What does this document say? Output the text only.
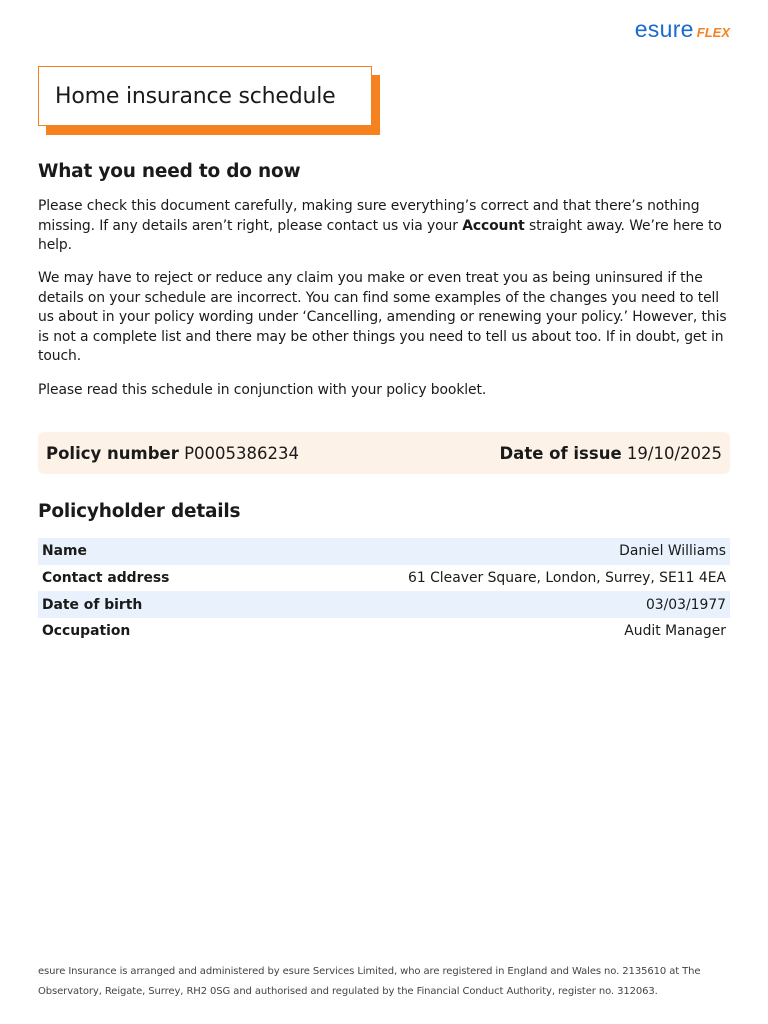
esure FLEX
Home insurance schedule
What you need to do now

Please check this document carefully, making sure everything’s correct and that there’s nothing missing. If any details aren’t right, please contact us via your Account straight away. We’re here to help.

We may have to reject or reduce any claim you make or even treat you as being uninsured if the details on your schedule are incorrect. You can find some examples of the changes you need to tell us about in your policy wording under ‘Cancelling, amending or renewing your policy.’ However, this is not a complete list and there may be other things you need to tell us about too. If in doubt, get in touch.

Please read this schedule in conjunction with your policy booklet.

Policy number P0005386234	Date of issue 19/10/2025
Policyholder details
Name	Daniel Williams
Contact address	61 Cleaver Square, London, Surrey, SE11 4EA
Date of birth	03/03/1977
Occupation	Audit Manager
esure Insurance is arranged and administered by esure Services Limited, who are registered in England and Wales no. 2135610 at The
Observatory, Reigate, Surrey, RH2 0SG and authorised and regulated by the Financial Conduct Authority, register no. 312063.
